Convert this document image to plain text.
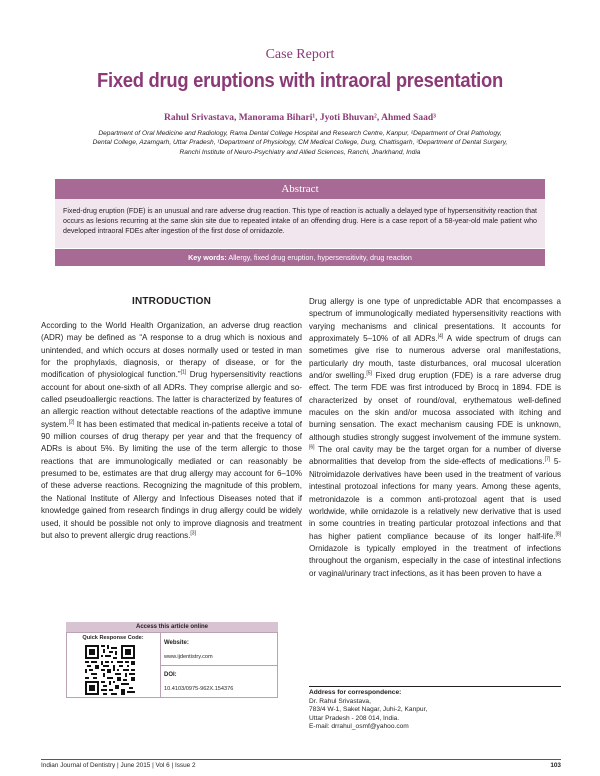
Case Report
Fixed drug eruptions with intraoral presentation
Rahul Srivastava, Manorama Bihari¹, Jyoti Bhuvan², Ahmed Saad³
Department of Oral Medicine and Radiology, Rama Dental College Hospital and Research Centre, Kanpur, ²Department of Oral Pathology,
Dental College, Azamgarh, Uttar Pradesh, ¹Department of Physiology, CM Medical College, Durg, Chattisgarh, ³Department of Dental Surgery,
Ranchi Institute of Neuro-Psychiatry and Allied Sciences, Ranchi, Jharkhand, India
Abstract
Fixed-drug eruption (FDE) is an unusual and rare adverse drug reaction. This type of reaction is actually a delayed type of hypersensitivity reaction that occurs as lesions recurring at the same skin site due to repeated intake of an offending drug. Here is a case report of a 58-year-old male patient who developed intraoral FDEs after ingestion of the first dose of ornidazole.
Key words: Allergy, fixed drug eruption, hypersensitivity, drug reaction
INTRODUCTION

According to the World Health Organization, an adverse drug reaction (ADR) may be defined as “A response to a drug which is noxious and unintended, and which occurs at doses normally used or tested in man for the prophylaxis, diagnosis, or therapy of disease, or for the modification of physiological function.”[1] Drug hypersensitivity reactions account for about one-sixth of all ADRs. They comprise allergic and so-called pseudoallergic reactions. The latter is characterized by features of an allergic reaction without detectable reactions of the adaptive immune system.[2] It has been estimated that medical in-patients receive a total of 90 million courses of drug therapy per year and that the frequency of ADRs is about 5%. By limiting the use of the term allergic to those reactions that are immunologically mediated or can reasonably be presumed to be, estimates are that drug allergy may account for 6–10% of these adverse reactions. Recognizing the magnitude of this problem, the National Institute of Allergy and Infectious Diseases noted that if knowledge gained from research findings in drug allergy could be widely used, it should be possible not only to improve diagnosis and treatment but also to prevent allergic drug reactions.[3]

Drug allergy is one type of unpredictable ADR that encompasses a spectrum of immunologically mediated hypersensitivity reactions with varying mechanisms and clinical presentations. It accounts for approximately 5–10% of all ADRs.[4] A wide spectrum of drugs can sometimes give rise to numerous adverse oral manifestations, particularly dry mouth, taste disturbances, oral mucosal ulceration and/or swelling.[5] Fixed drug eruption (FDE) is a rare adverse drug effect. The term FDE was first introduced by Brocq in 1894. FDE is characterized by onset of round/oval, erythematous well-defined macules on the skin and/or mucosa associated with itching and burning sensation. The exact mechanism causing FDE is unknown, although studies strongly suggest involvement of the immune system.[6] The oral cavity may be the target organ for a number of diverse abnormalities that develop from the side-effects of medications.[7] 5-Nitroimidazole derivatives have been used in the treatment of various intestinal protozoal infections for many years. Among these agents, metronidazole is a common anti-protozoal agent that is used worldwide, while ornidazole is a relatively new derivative that is used in some countries in treating particular protozoal infections and that has higher patient compliance because of its longer half-life.[8] Ornidazole is typically employed in the treatment of infections throughout the organism, especially in the case of intestinal infections or vaginal/urinary tract infections, as it has been proven to have a

Access this article online
Quick Response Code:
Website:
www.ijdentistry.com
DOI:
10.4103/0975-962X.154376	Address for correspondence:
Dr. Rahul Srivastava,
783/4 W-1, Saket Nagar, Juhi-2, Kanpur,
Uttar Pradesh - 208 014, India.
E-mail: drrahul_osmf@yahoo.com
Indian Journal of Dentistry | June 2015 | Vol 6 | Issue 2	103
